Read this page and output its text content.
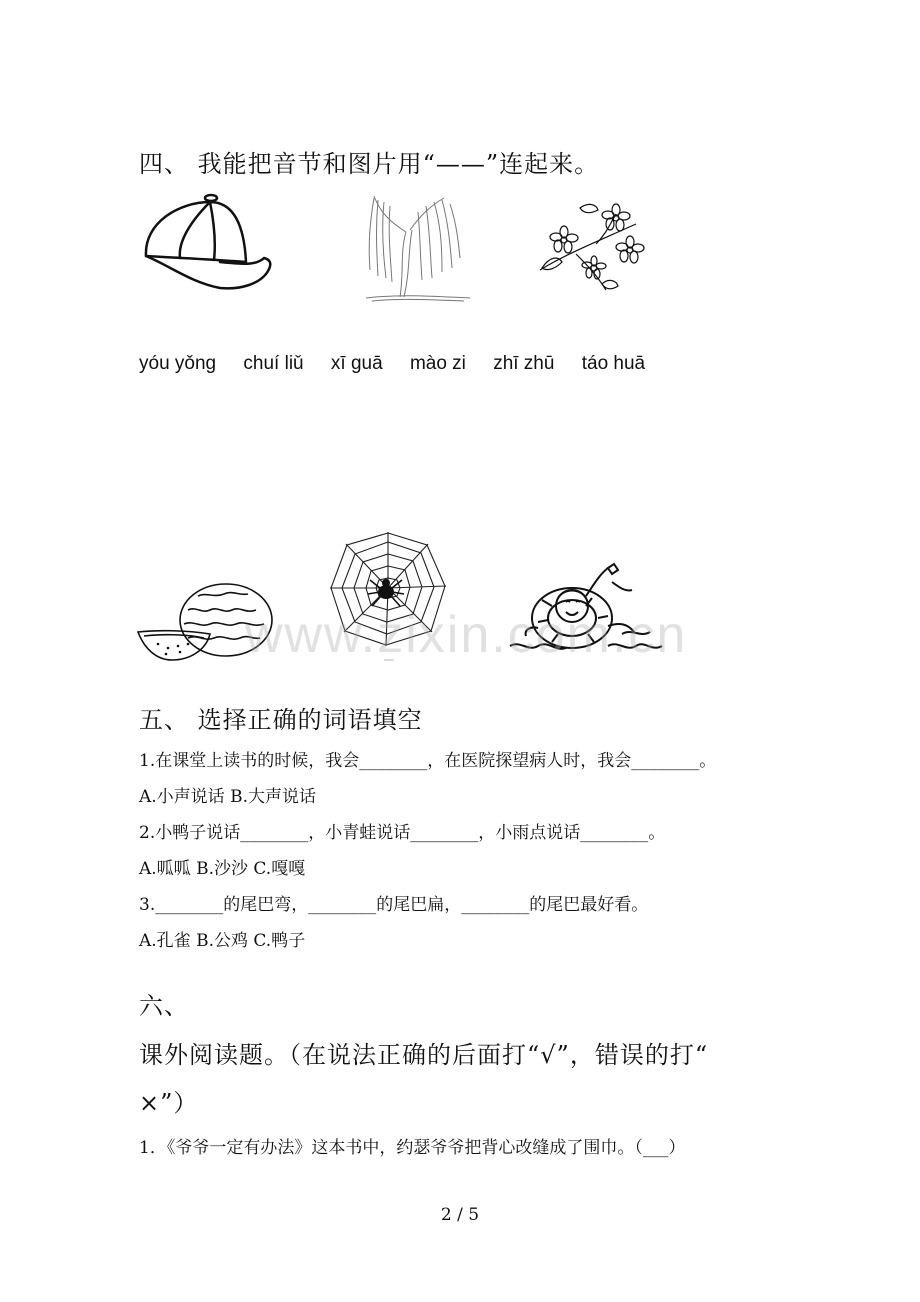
四、 我能把音节和图片用“——”连起来。
yóu yǒng chuí liǔ xī guā mào zi zhī zhū táo huā
www.zixin.com.cn
五、 选择正确的词语填空
1.在课堂上读书的时候，我会________，在医院探望病人时，我会________。
A.小声说话 B.大声说话
2.小鸭子说话________，小青蛙说话________，小雨点说话________。
A.呱呱 B.沙沙 C.嘎嘎
3.________的尾巴弯，________的尾巴扁，________的尾巴最好看。
A.孔雀 B.公鸡 C.鸭子
六、
课外阅读题。（在说法正确的后面打“√”，错误的打“
×”）
1．《爷爷一定有办法》这本书中，约瑟爷爷把背心改缝成了围巾。（___）
2 / 5
